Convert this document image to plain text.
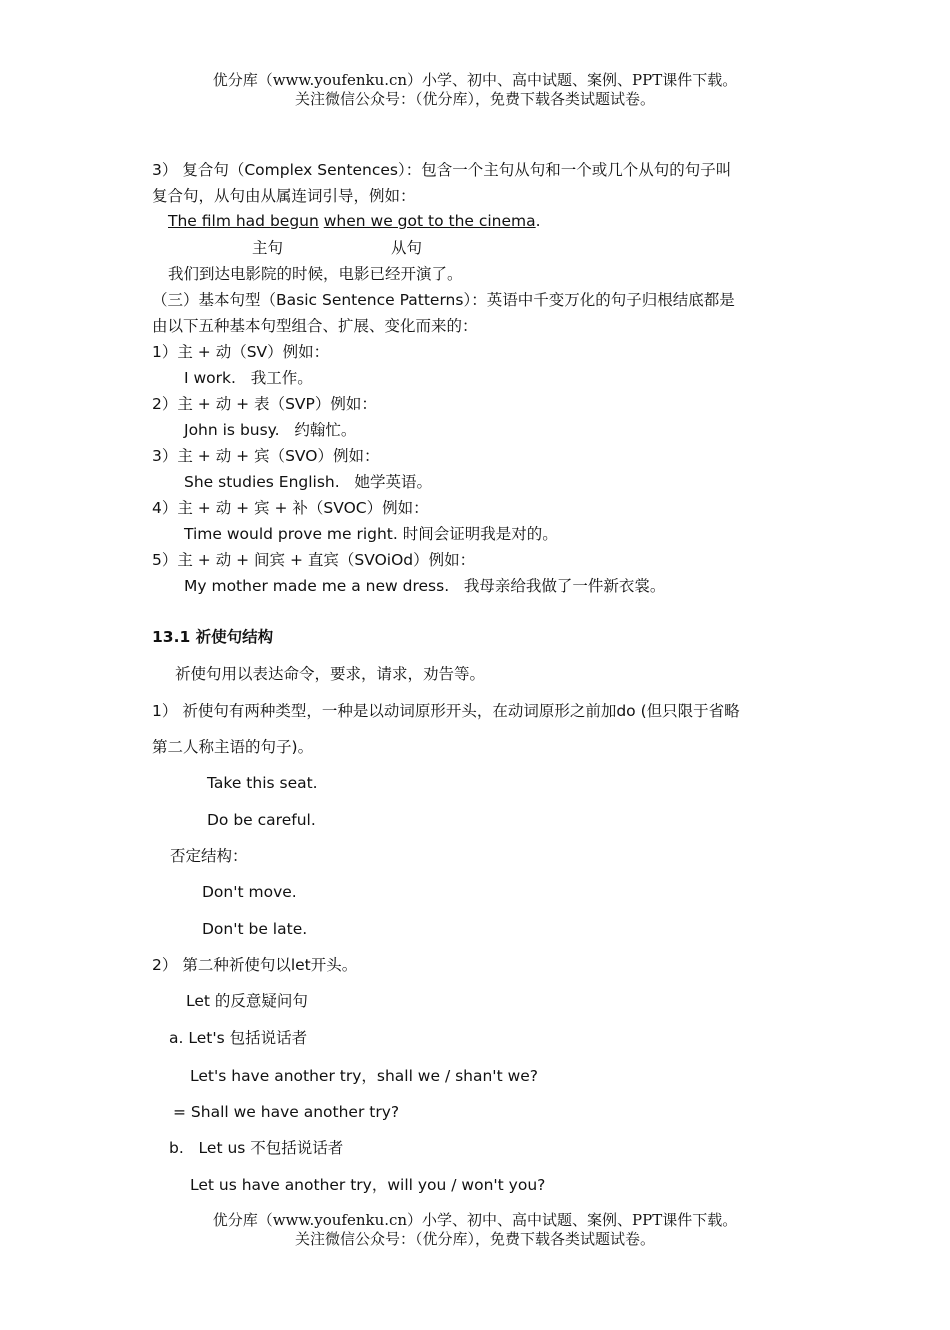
优分库（www.youfenku.cn）小学、初中、高中试题、案例、PPT课件下载。
关注微信公众号：（优分库），免费下载各类试题试卷。
3） 复合句（Complex Sentences）：包含一个主句从句和一个或几个从句的句子叫
复合句，从句由从属连词引导，例如：
The film had begun when we got to the cinema.
主句	从句
我们到达电影院的时候，电影已经开演了。
（三）基本句型（Basic Sentence Patterns）：英语中千变万化的句子归根结底都是
由以下五种基本句型组合、扩展、变化而来的：
1）主 + 动（SV）例如：
I work. 我工作。
2）主 + 动 + 表（SVP）例如：
John is busy. 约翰忙。
3）主 + 动 + 宾（SVO）例如：
She studies English. 她学英语。
4）主 + 动 + 宾 + 补（SVOC）例如：
Time would prove me right. 时间会证明我是对的。
5）主 + 动 + 间宾 + 直宾（SVOiOd）例如：
My mother made me a new dress. 我母亲给我做了一件新衣裳。
13.1 祈使句结构
祈使句用以表达命令，要求，请求，劝告等。
1） 祈使句有两种类型，一种是以动词原形开头，在动词原形之前加do (但只限于省略
第二人称主语的句子)。
Take this seat.
Do be careful.
否定结构：
Don't move.
Don't be late.
2） 第二种祈使句以let开头。
Let 的反意疑问句
a. Let's 包括说话者
Let's have another try，shall we / shan't we?
= Shall we have another try?
b.   Let us 不包括说话者
Let us have another try，will you / won't you?
优分库（www.youfenku.cn）小学、初中、高中试题、案例、PPT课件下载。
关注微信公众号：（优分库），免费下载各类试题试卷。
